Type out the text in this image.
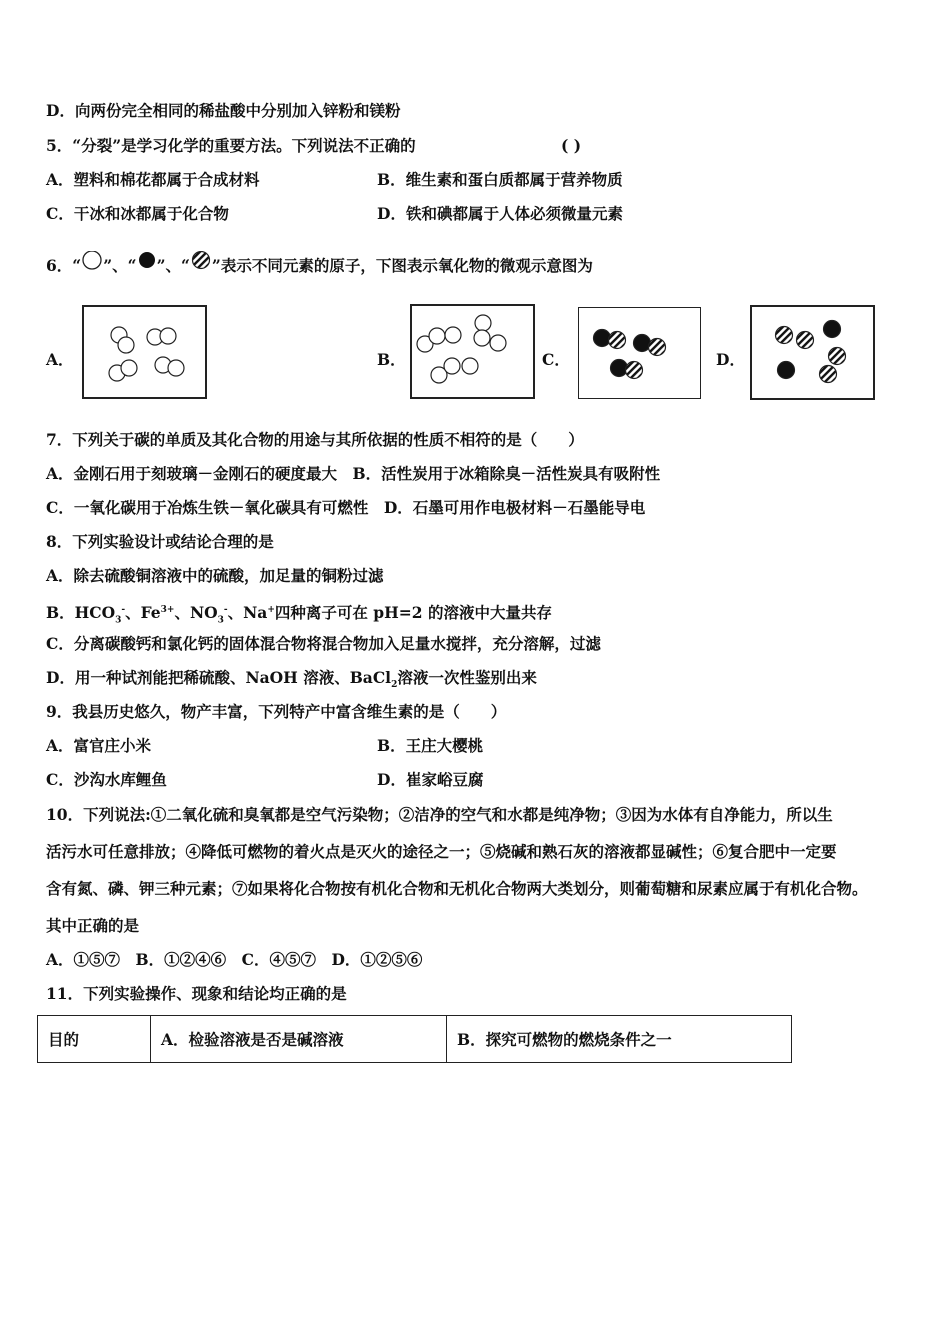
D．向两份完全相同的稀盐酸中分别加入锌粉和镁粉
5．“分裂”是学习化学的重要方法。下列说法不正确的	( )
A．塑料和棉花都属于合成材料	B．维生素和蛋白质都属于营养物质
C．干冰和冰都属于化合物	D．铁和碘都属于人体必须微量元素
6．“ ”、“ ”、“ ”表示不同元素的原子，下图表示氧化物的微观示意图为
A．	B．	C．	D．
7．下列关于碳的单质及其化合物的用途与其所依据的性质不相符的是（　　）
A．金刚石用于刻玻璃－金刚石的硬度最大　B．活性炭用于冰箱除臭－活性炭具有吸附性
C．一氧化碳用于冶炼生铁－氧化碳具有可燃性　D．石墨可用作电极材料－石墨能导电
8．下列实验设计或结论合理的是
A．除去硫酸铜溶液中的硫酸，加足量的铜粉过滤
B．$HCO_3^-$、$Fe^{3+}$、$NO_3^-$、Na+四种离子可在 pH=2 的溶液中大量共存
C．分离碳酸钙和氯化钙的固体混合物将混合物加入足量水搅拌，充分溶解，过滤
D．用一种试剂能把稀硫酸、NaOH 溶液、BaCl$_2$溶液一次性鉴别出来
9．我县历史悠久，物产丰富，下列特产中富含维生素的是（　　）
A．富官庄小米	B．王庄大樱桃
C．沙沟水库鲤鱼	D．崔家峪豆腐
10．下列说法:①二氧化硫和臭氧都是空气污染物；②洁净的空气和水都是纯净物；③因为水体有自净能力，所以生
活污水可任意排放；④降低可燃物的着火点是灭火的途径之一；⑤烧碱和熟石灰的溶液都显碱性；⑥复合肥中一定要
含有氮、磷、钾三种元素；⑦如果将化合物按有机化合物和无机化合物两大类划分，则葡萄糖和尿素应属于有机化合物。
其中正确的是
A．①⑤⑦　B．①②④⑥　C．④⑤⑦　D．①②⑤⑥
11．下列实验操作、现象和结论均正确的是
目的	A．检验溶液是否是碱溶液	B．探究可燃物的燃烧条件之一
